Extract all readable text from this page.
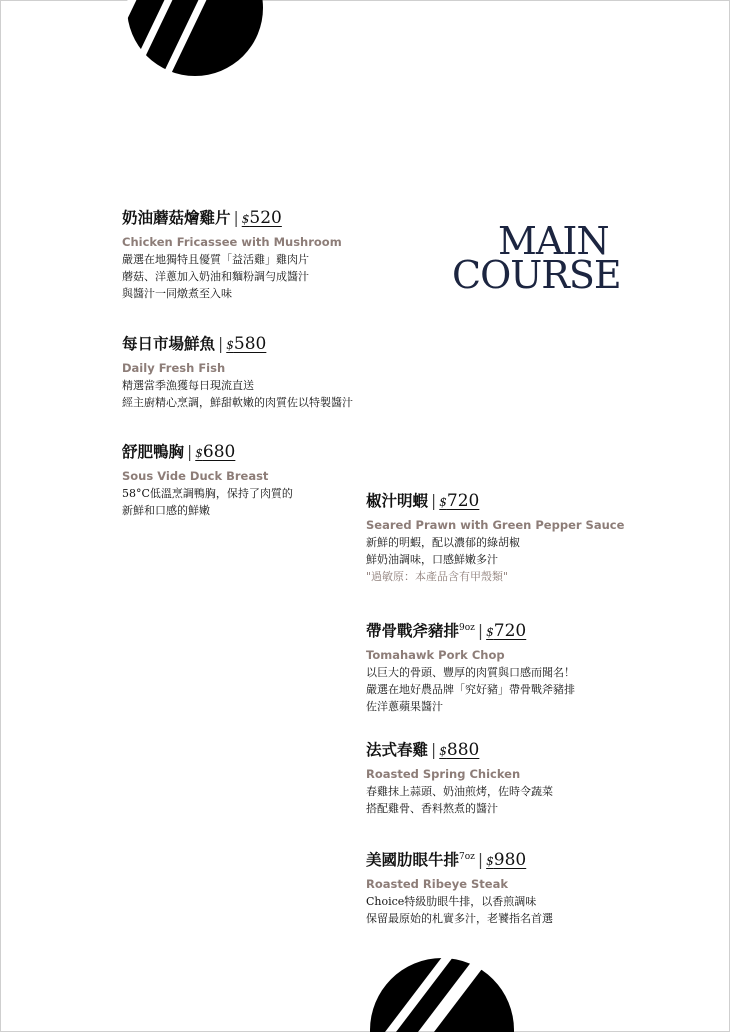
MAIN
COURSE
奶油蘑菇燴雞片 | $520
Chicken Fricassee with Mushroom
嚴選在地獨特且優質「益活雞」雞肉片
蘑菇、洋蔥加入奶油和麵粉調勻成醬汁
與醬汁一同燉煮至入味
每日市場鮮魚 | $580
Daily Fresh Fish
精選當季漁獲每日現流直送
經主廚精心烹調，鮮甜軟嫩的肉質佐以特製醬汁
舒肥鴨胸 | $680
Sous Vide Duck Breast
58°C低溫烹調鴨胸，保持了肉質的
新鮮和口感的鮮嫩
椒汁明蝦 | $720
Seared Prawn with Green Pepper Sauce
新鮮的明蝦，配以濃郁的綠胡椒
鮮奶油調味，口感鮮嫩多汁
"過敏原：本產品含有甲殼類"
帶骨戰斧豬排$^{9oz}$ | $720
Tomahawk Pork Chop
以巨大的骨頭、豐厚的肉質與口感而聞名！
嚴選在地好農品牌「究好豬」帶骨戰斧豬排
佐洋蔥蘋果醬汁
法式春雞 | $880
Roasted Spring Chicken
春雞抹上蒜頭、奶油煎烤，佐時令蔬菜
搭配雞骨、香料熬煮的醬汁
美國肋眼牛排$^{7oz}$ | $980
Roasted Ribeye Steak
Choice特級肋眼牛排，以香煎調味
保留最原始的札實多汁，老饕指名首選
